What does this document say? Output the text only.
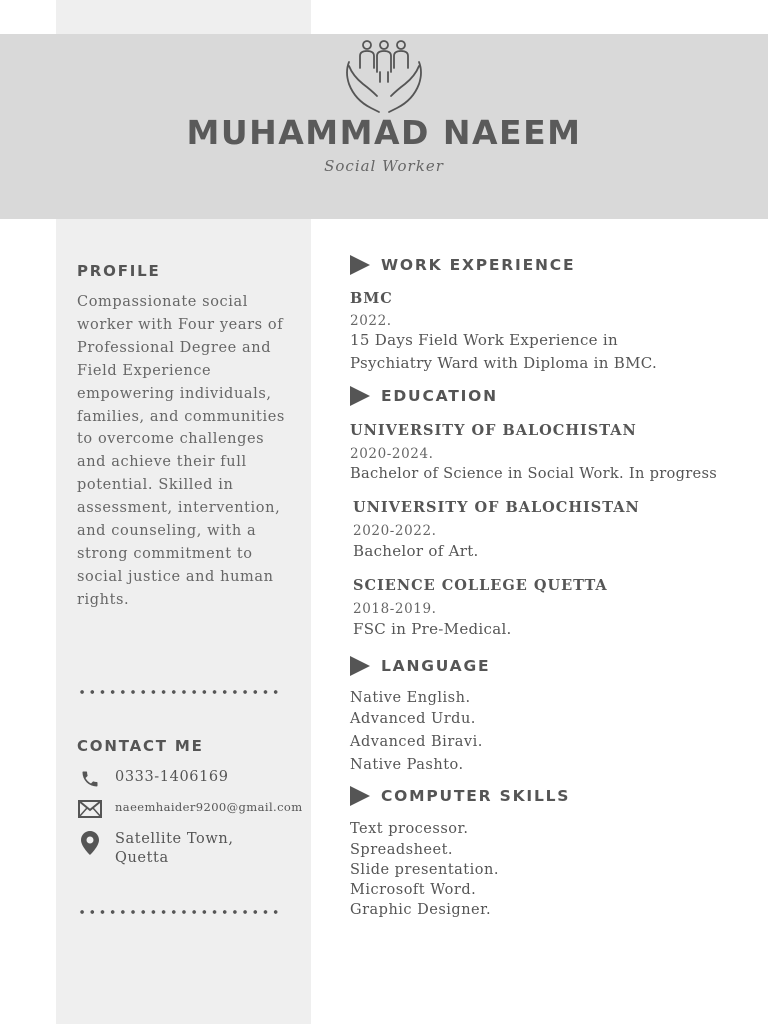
MUHAMMAD NAEEM
Social Worker
PROFILE

Compassionate social worker with Four years of Professional Degree and Field Experience empowering individuals, families, and communities to overcome challenges and achieve their full potential. Skilled in assessment, intervention, and counseling, with a strong commitment to social justice and human rights.

CONTACT ME
0333-1406169
naeemhaider9200@gmail.com
Satellite Town,
Quetta
WORK EXPERIENCE
BMC
2022.

15 Days Field Work Experience in Psychiatry Ward with Diploma in BMC.

EDUCATION
UNIVERSITY OF BALOCHISTAN
2020-2024.

Bachelor of Science in Social Work. In progress

UNIVERSITY OF BALOCHISTAN
2020-2022.

Bachelor of Art.

SCIENCE COLLEGE QUETTA
2018-2019.

FSC in Pre-Medical.

LANGUAGE
Native English.
Advanced Urdu.
Advanced Biravi.
Native Pashto.
COMPUTER SKILLS
Text processor.
Spreadsheet.
Slide presentation.
Microsoft Word.
Graphic Designer.
